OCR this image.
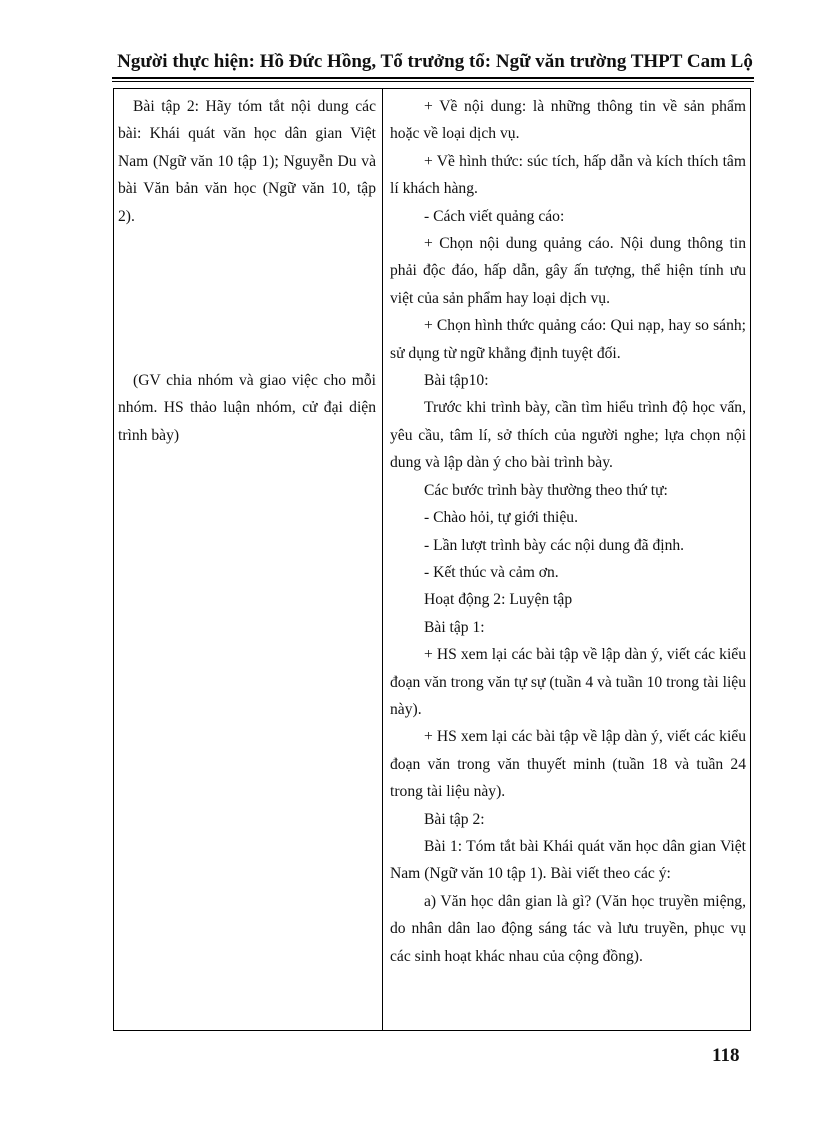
Người thực hiện: Hồ Đức Hồng, Tổ trưởng tổ: Ngữ văn trường THPT Cam Lộ

Bài tập 2: Hãy tóm tắt nội dung các bài: Khái quát văn học dân gian Việt Nam (Ngữ văn 10 tập 1); Nguyễn Du và bài Văn bản văn học (Ngữ văn 10, tập 2).

(GV chia nhóm và giao việc cho mỗi nhóm. HS thảo luận nhóm, cử đại diện trình bày)

+ Về nội dung: là những thông tin về sản phẩm hoặc về loại dịch vụ.

+ Về hình thức: súc tích, hấp dẫn và kích thích tâm lí khách hàng.

- Cách viết quảng cáo:

+ Chọn nội dung quảng cáo. Nội dung thông tin phải độc đáo, hấp dẫn, gây ấn tượng, thể hiện tính ưu việt của sản phẩm hay loại dịch vụ.

+ Chọn hình thức quảng cáo: Qui nạp, hay so sánh; sử dụng từ ngữ khẳng định tuyệt đối.

Bài tập10:

Trước khi trình bày, cần tìm hiểu trình độ học vấn, yêu cầu, tâm lí, sở thích của người nghe; lựa chọn nội dung và lập dàn ý cho bài trình bày.

Các bước trình bày thường theo thứ tự:

- Chào hỏi, tự giới thiệu.

- Lần lượt trình bày các nội dung đã định.

- Kết thúc và cảm ơn.

Hoạt động 2: Luyện tập

Bài tập 1:

+ HS xem lại các bài tập về lập dàn ý, viết các kiểu đoạn văn trong văn tự sự (tuần 4 và tuần 10 trong tài liệu này).

+ HS xem lại các bài tập về lập dàn ý, viết các kiểu đoạn văn trong văn thuyết minh (tuần 18 và tuần 24 trong tài liệu này).

Bài tập 2:

Bài 1: Tóm tắt bài Khái quát văn học dân gian Việt Nam (Ngữ văn 10 tập 1). Bài viết theo các ý:

a) Văn học dân gian là gì? (Văn học truyền miệng, do nhân dân lao động sáng tác và lưu truyền, phục vụ các sinh hoạt khác nhau của cộng đồng).

118
